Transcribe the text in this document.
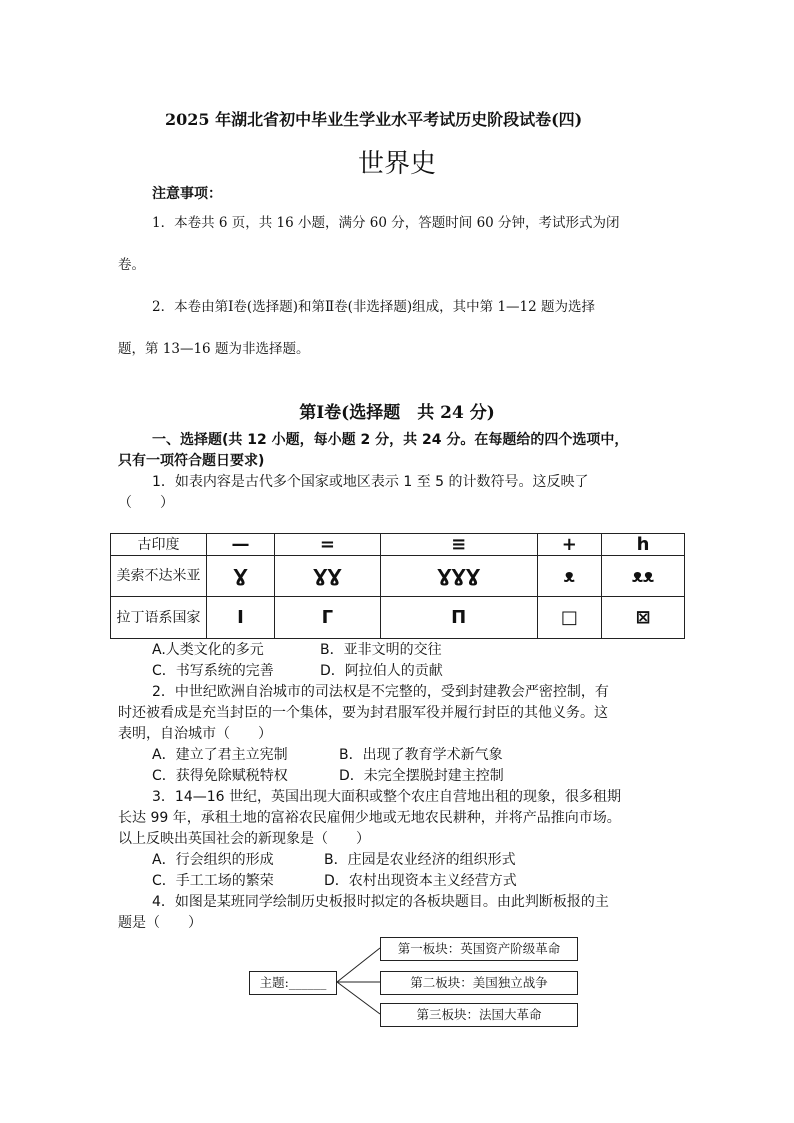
2025 年湖北省初中毕业生学业水平考试历史阶段试卷(四)
世界史
注意事项：
1．本卷共 6 页，共 16 小题，满分 60 分，答题时间 60 分钟，考试形式为闭
卷。
2．本卷由第Ⅰ卷(选择题)和第Ⅱ卷(非选择题)组成，其中第 1—12 题为选择
题，第 13—16 题为非选择题。
第Ⅰ卷(选择题　共 24 分)
一、选择题(共 12 小题，每小题 2 分，共 24 分。在每题给的四个选项中，
只有一项符合题日要求)
1．如表内容是古代多个国家或地区表示 1 至 5 的计数符号。这反映了
（　　）
古印度	—	=	≡	+	h
美索不达米亚	Ɣ	ƔƔ	ƔƔƔ	ᴥ	ᴥᴥ
拉丁语系国家	I	Γ	Π	□	⊠
A.人类文化的多元	B．亚非文明的交往
C．书写系统的完善	D．阿拉伯人的贡献
2．中世纪欧洲自治城市的司法权是不完整的，受到封建教会严密控制，有
时还被看成是充当封臣的一个集体，要为封君服军役并履行封臣的其他义务。这
表明，自治城市（　　）
A．建立了君主立宪制	B．出现了教育学术新气象
C．获得免除赋税特权	D．未完全摆脱封建主控制
3．14—16 世纪，英国出现大面积或整个农庄自营地出租的现象，很多租期
长达 99 年，承租土地的富裕农民雇佣少地或无地农民耕种，并将产品推向市场。
以上反映出英国社会的新现象是（　　）
A．行会组织的形成	B．庄园是农业经济的组织形式
C．手工工场的繁荣	D．农村出现资本主义经营方式
4．如图是某班同学绘制历史板报时拟定的各板块题目。由此判断板报的主
题是（　　）
主题:______
第一板块：英国资产阶级革命
第二板块：美国独立战争
第三板块：法国大革命
